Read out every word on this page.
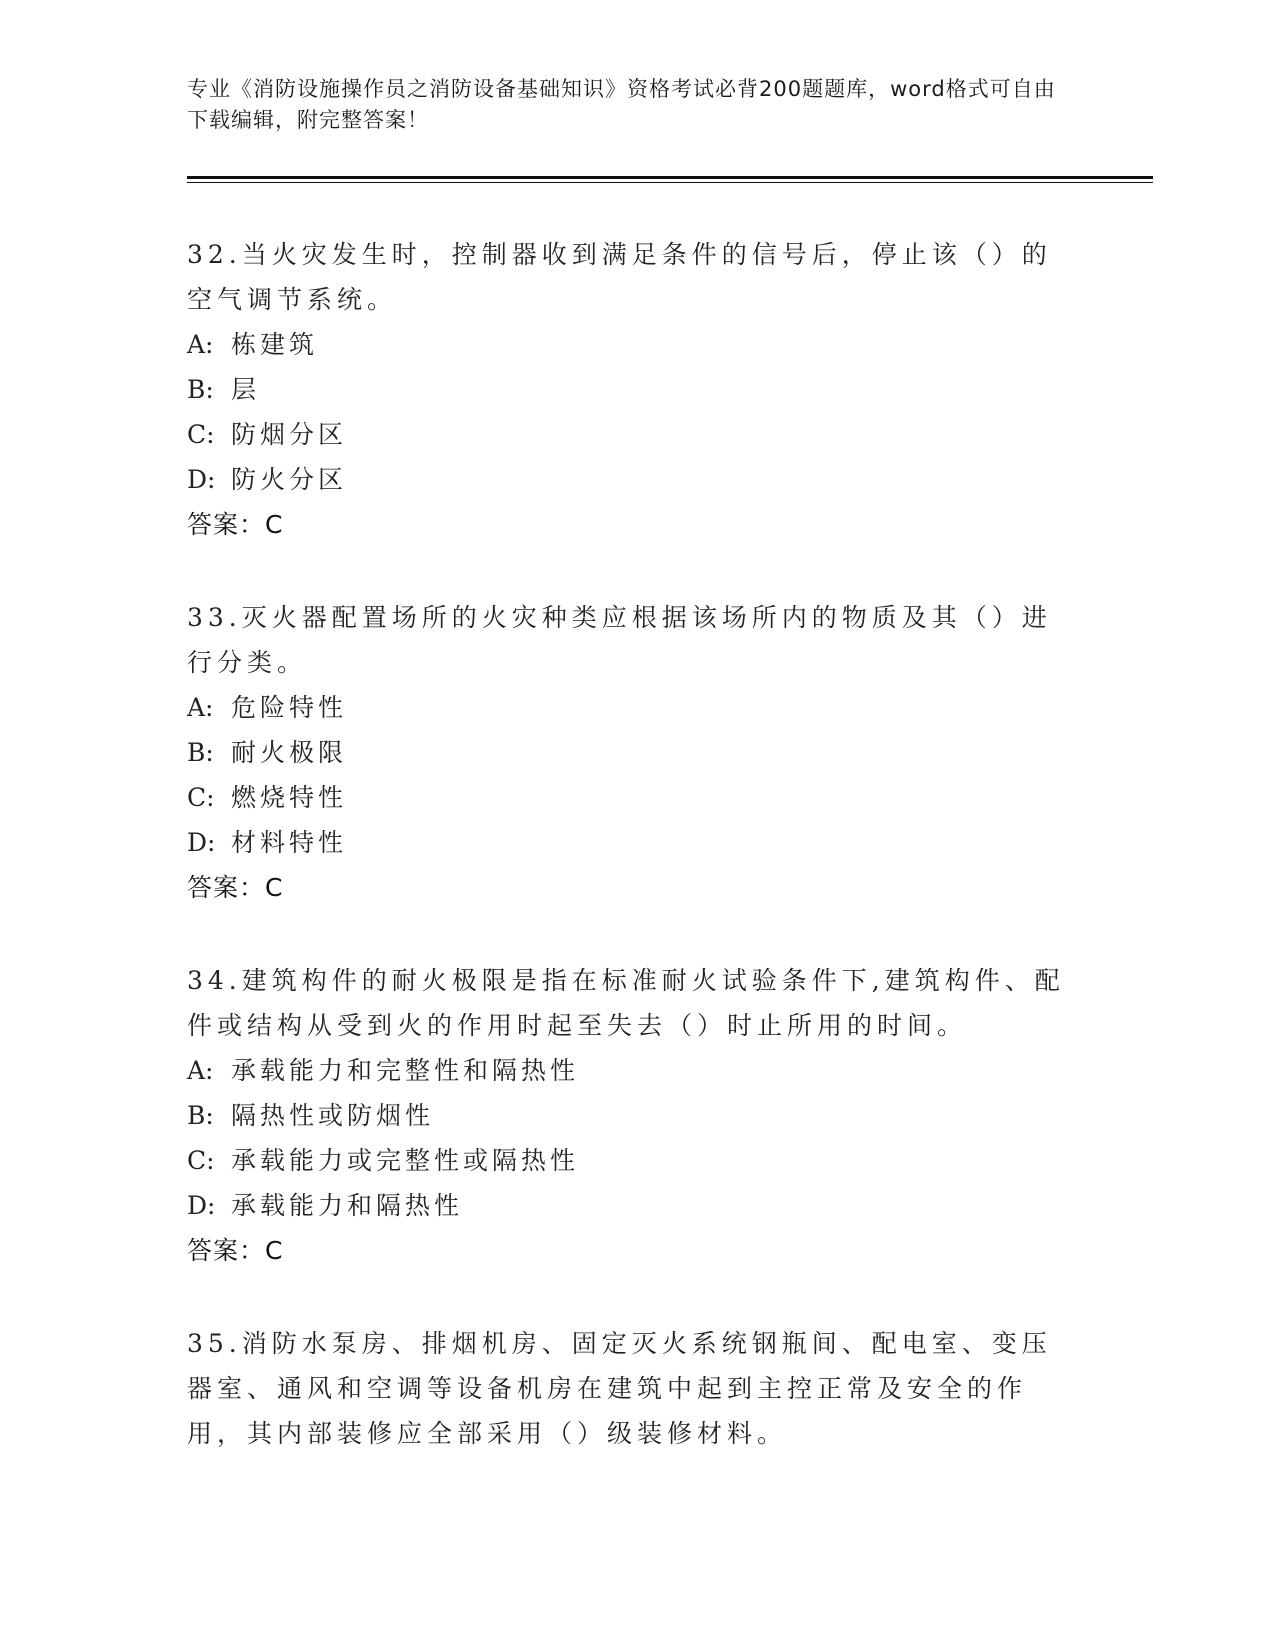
专业《消防设施操作员之消防设备基础知识》资格考试必背200题题库，word格式可自由下载编辑，附完整答案！

32.当火灾发生时，控制器收到满足条件的信号后，停止该（）的空气调节系统。

A: 栋建筑

B: 层

C: 防烟分区

D: 防火分区

答案：C

33.灭火器配置场所的火灾种类应根据该场所内的物质及其（）进行分类。

A: 危险特性

B: 耐火极限

C: 燃烧特性

D: 材料特性

答案：C

34.建筑构件的耐火极限是指在标准耐火试验条件下,建筑构件、配件或结构从受到火的作用时起至失去（）时止所用的时间。

A: 承载能力和完整性和隔热性

B: 隔热性或防烟性

C: 承载能力或完整性或隔热性

D: 承载能力和隔热性

答案：C

35.消防水泵房、排烟机房、固定灭火系统钢瓶间、配电室、变压器室、通风和空调等设备机房在建筑中起到主控正常及安全的作用，其内部装修应全部采用（）级装修材料。
